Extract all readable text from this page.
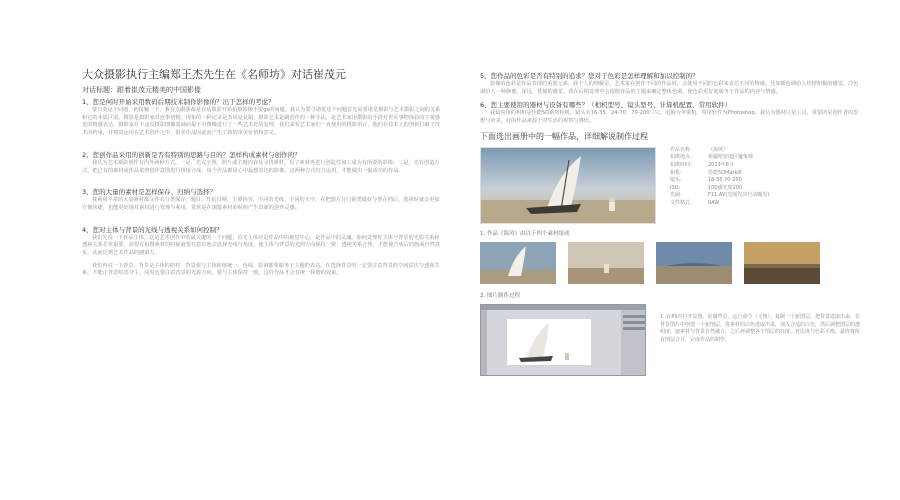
大众摄影执行主编郑王杰先生在《名师坊》对话崔茂元
对话标题：跟着崔茂元精美的中国影像
1、您是何时开始采用数码后期技术制作影像的？出于怎样的考虑？
蒙日英这个问题，初接触一下，我有点跟我都是自从摄影开始拍摄影像不要gs的问题。我认为要寻诸觉这个问题首先需要诸觉摄影与艺术摄影之间的关系和它的本质区别。摄影是摄影家对连事情物，现象的一种记录是表说是复制，摄影艺术是跳创作的一种手法，是艺术家用摄影的手段对世实事物体验的主观感觉的情感表达。摄影家在不违反摄影图像基础前提下对图像进行了一些艺术化的处理。我们来看艺术家们一直使用的摄影语言，他们在技术上的创新打破了技术的约束，并将其运用在艺术创作之中，很多作品因此而产生了新的审美价值和意义。
2、您创作品采用的创新是否有特别的思路与目的？怎样构成素材与创作的？
我认为艺术摄影创作有内外两种方式。一是，先完全照，照片或主题内容及寻找素材，有了素材再进行创造性加工成为有所要的影像；二是，先有创造方式，把已有的素材或作品依照创作意图进行拼接合成，每个作品都是心中最想表达的影像。这两种方式结合运用，才能做出一幅成功的作品。
3、您的大量的素材是怎样保存、归纳与选择？
我利用平常的大量素材都文件夹分类保存，题目、开拍日期、主要内容、不同的光线、不同的天空，在把图片分门别类做好分类存档后，选择时就会更加方便快捷，也能更好地对素材进行管理与利用，常常是在浏览素材的时候产生出新的创作灵感。
4、您对主体与背景的光线与透视关系如何控制？
我们先说一下作品主体，这是艺术创作中的最关键的一个问题，首先主体应是作品中的视觉中心，是作品中的灵魂。如何处理好主体与背景的光影关系和透视关系非常重要，需要在拍摄素材的时候就要有意识地去选择光线与角度，使主体与背景的光照方向保持一致，透视关系合理，才能使合成后的画面自然真实，从而达到艺术作品的感染力。
我们再说一下背景。背景是主体的陪衬，背景要与主体和谐统一，色调、影调都要服务于主题的表达。在选择背景时一定要注意背景的空间层次与透视关系，不能让背景喧宾夺主，同时也要注意背景的光源方向，要与主体保持一致，这样作品才会有统一和谐的效果。
5、您作品的色彩是否有特别的追求？您对于色彩是怎样理解和加以控制的？
影像的色彩是作品表现的重要元素，我个人的理解是，艺术家在创作不同的作品时，会使用不同的色彩来表达不同的情感。比如暖色调给人热情积极的感觉，冷色调给人一种静谧、深远、忧郁的感觉。我在后期处理中会根据作品的主题来确定整体色调，使色彩更好地服务于作品的内容与情感。
6、您主要使用的器材与设备有哪些？（相机型号、镜头型号、计算机配置、常用软件）
我最常用的相机是佳能5D系列相机，镜头有16-35、24-70、70-200三只，电脑为苹果机，常用软件为Photoshop。我认为器材只是工具，重要的是创作者的思想与审美，好的作品来源于对生活的观察与感悟。
下面选出画册中的一幅作品，详细解说制作过程
作品名称：	《海风》
拍摄地点：	新疆哈密地区魔鬼城
拍摄时间：	2013年8月
相机：	佳能5DMarkIII
镜头：	16-35 70-200
ISO：	100感光度200
光圈：	F11,AV(光圈先决自动曝光)
文件格式：	RAW
1. 作品《海风》由以下四个素材组成
2. 图片制作过程
1. 在PS中打开原图，复制背景，运行命令（文图），复制一个新图层，把背景选取出来，在背景图片中创建一个新图层，将素材的白色选取出来，加入合适的白色，然后调整图层的透明度，使素材与背景自然融合，之后再调整各个图层的亮度、对比度与色彩平衡，最终将所有图层合并，完成作品的制作。
